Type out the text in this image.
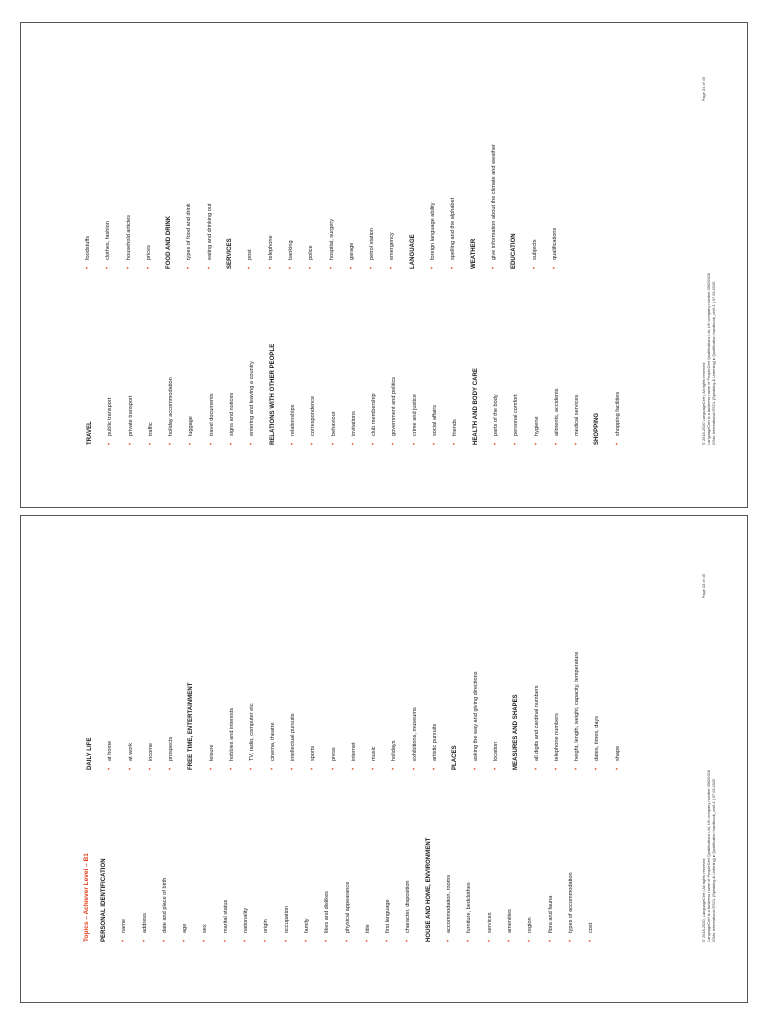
TRAVEL •
public transport
•
private transport
•
traffic
•
holiday accommodation
•
luggage
•
travel documents
•
signs and notices
•
entering and leaving a country RELATIONS WITH OTHER PEOPLE •
relationships
•
correspondence
•
behaviour
•
invitations
•
club membership
•
government and politics
•
crime and justice
•
social affairs
•
friends HEALTH AND BODY CARE •
parts of the body
•
personal comfort
•
hygiene
•
ailments, accidents
•
medical services SHOPPING •
shopping facilities
•
foodstuffs
•
clothes, fashion
•
household articles
•
prices FOOD AND DRINK •
types of food and drink
•
eating and drinking out SERVICES •
post
•
telephone
•
banking
•
police
•
hospital, surgery
•
garage
•
petrol station
•
emergency LANGUAGE •
foreign language ability
•
spelling and the alphabet WEATHER •
give information about the climate and weather EDUCATION •
subjects
•
qualifications
© 2018-2020 LanguageCert | All rights reserved LanguageCert is a business name of PeopleCert Qualifications Ltd, UK company number 09620926 IDNo: International ESOL (Speaking & Listening) ▸ Qualification handbook_ver0.1 | 07.03.2020
Page 34 of 45
Topics – Achiever Level – B1 PERSONAL IDENTIFICATION •
name
•
address
•
date and place of birth
•
age
•
sex
•
marital status
•
nationality
•
origin
•
occupation
•
family
•
likes and dislikes
•
physical appearance
•
title
•
first language
•
character, disposition HOUSE AND HOME, ENVIRONMENT •
accommodation, rooms
•
furniture, bedclothes
•
services
•
amenities
•
region
•
flora and fauna
•
types of accommodation
•
cost
DAILY LIFE •
at home
•
at work
•
income
•
prospects FREE TIME, ENTERTAINMENT •
leisure
•
hobbies and interests
•
TV, radio, computer etc
•
cinema, theatre
•
intellectual pursuits
•
sports
•
press
•
internet
•
music
•
holidays
•
exhibitions, museums
•
artistic pursuits PLACES •
asking the way and giving directions
•
location MEASURES AND SHAPES •
all digits and cardinal numbers
•
telephone numbers
•
height, length, weight, capacity, temperature
•
dates, times, days
•
shape
© 2018-2020, LanguageCert | All rights reserved LanguageCert is a business name of PeopleCert Qualifications Ltd, UK company number 09620926 IDNo: International ESOL (Speaking & Listening) ▸ Qualification handbook_ver0.1 | 07.03.2020
Page 33 of 45
